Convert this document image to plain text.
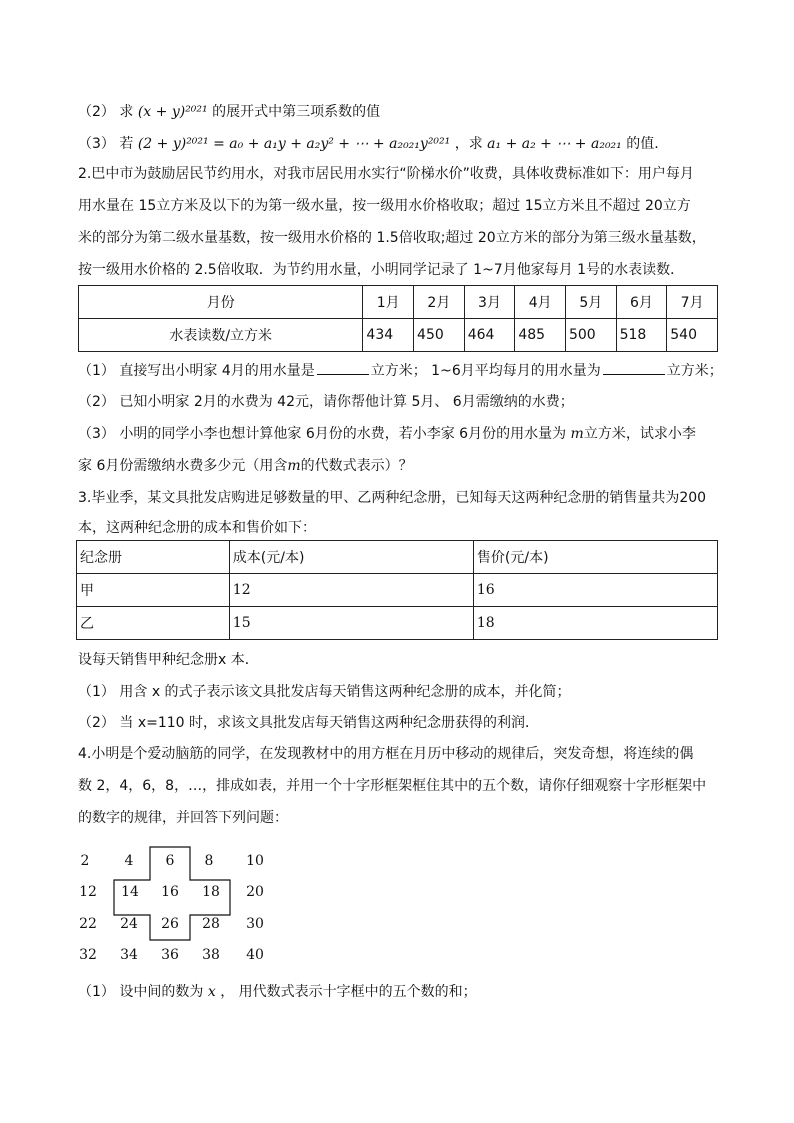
（2） 求 (x + y)²⁰²¹ 的展开式中第三项系数的值
（3） 若 (2 + y)²⁰²¹ = a₀ + a₁y + a₂y² + ⋯ + a₂₀₂₁y²⁰²¹ ，求 a₁ + a₂ + ⋯ + a₂₀₂₁ 的值.
2.巴中市为鼓励居民节约用水，对我市居民用水实行“阶梯水价”收费，具体收费标准如下：用户每月
用水量在 15立方米及以下的为第一级水量，按一级用水价格收取；超过 15立方米且不超过 20立方
米的部分为第二级水量基数，按一级用水价格的 1.5倍收取;超过 20立方米的部分为第三级水量基数，
按一级用水价格的 2.5倍收取．为节约用水量，小明同学记录了 1~7月他家每月 1号的水表读数．
月份	1月	2月	3月	4月	5月	6月	7月
水表读数/立方米	434	450	464	485	500	518	540
（1） 直接写出小明家 4月的用水量是	立方米； 1~6月平均每月的用水量为	立方米；
（2） 已知小明家 2月的水费为 42元，请你帮他计算 5月、 6月需缴纳的水费；
（3） 小明的同学小李也想计算他家 6月份的水费，若小李家 6月份的用水量为 m立方米，试求小李
家 6月份需缴纳水费多少元（用含m的代数式表示）？
3.毕业季，某文具批发店购进足够数量的甲、乙两种纪念册，已知每天这两种纪念册的销售量共为200
本，这两种纪念册的成本和售价如下：
纪念册	成本(元/本)	售价(元/本)
甲	12	16
乙	15	18
设每天销售甲种纪念册x 本．
（1） 用含 x 的式子表示该文具批发店每天销售这两种纪念册的成本，并化简；
（2） 当 x=110 时，求该文具批发店每天销售这两种纪念册获得的利润．
4.小明是个爱动脑筋的同学，在发现教材中的用方框在月历中移动的规律后，突发奇想，将连续的偶
数 2，4，6，8，…，排成如表，并用一个十字形框架框住其中的五个数，请你仔细观察十字形框架中
的数字的规律，并回答下列问题：
2	4	6	8	10
12	14	16	18	20
22	24	26	28	30
32	34	36	38	40
（1） 设中间的数为 x ， 用代数式表示十字框中的五个数的和；
